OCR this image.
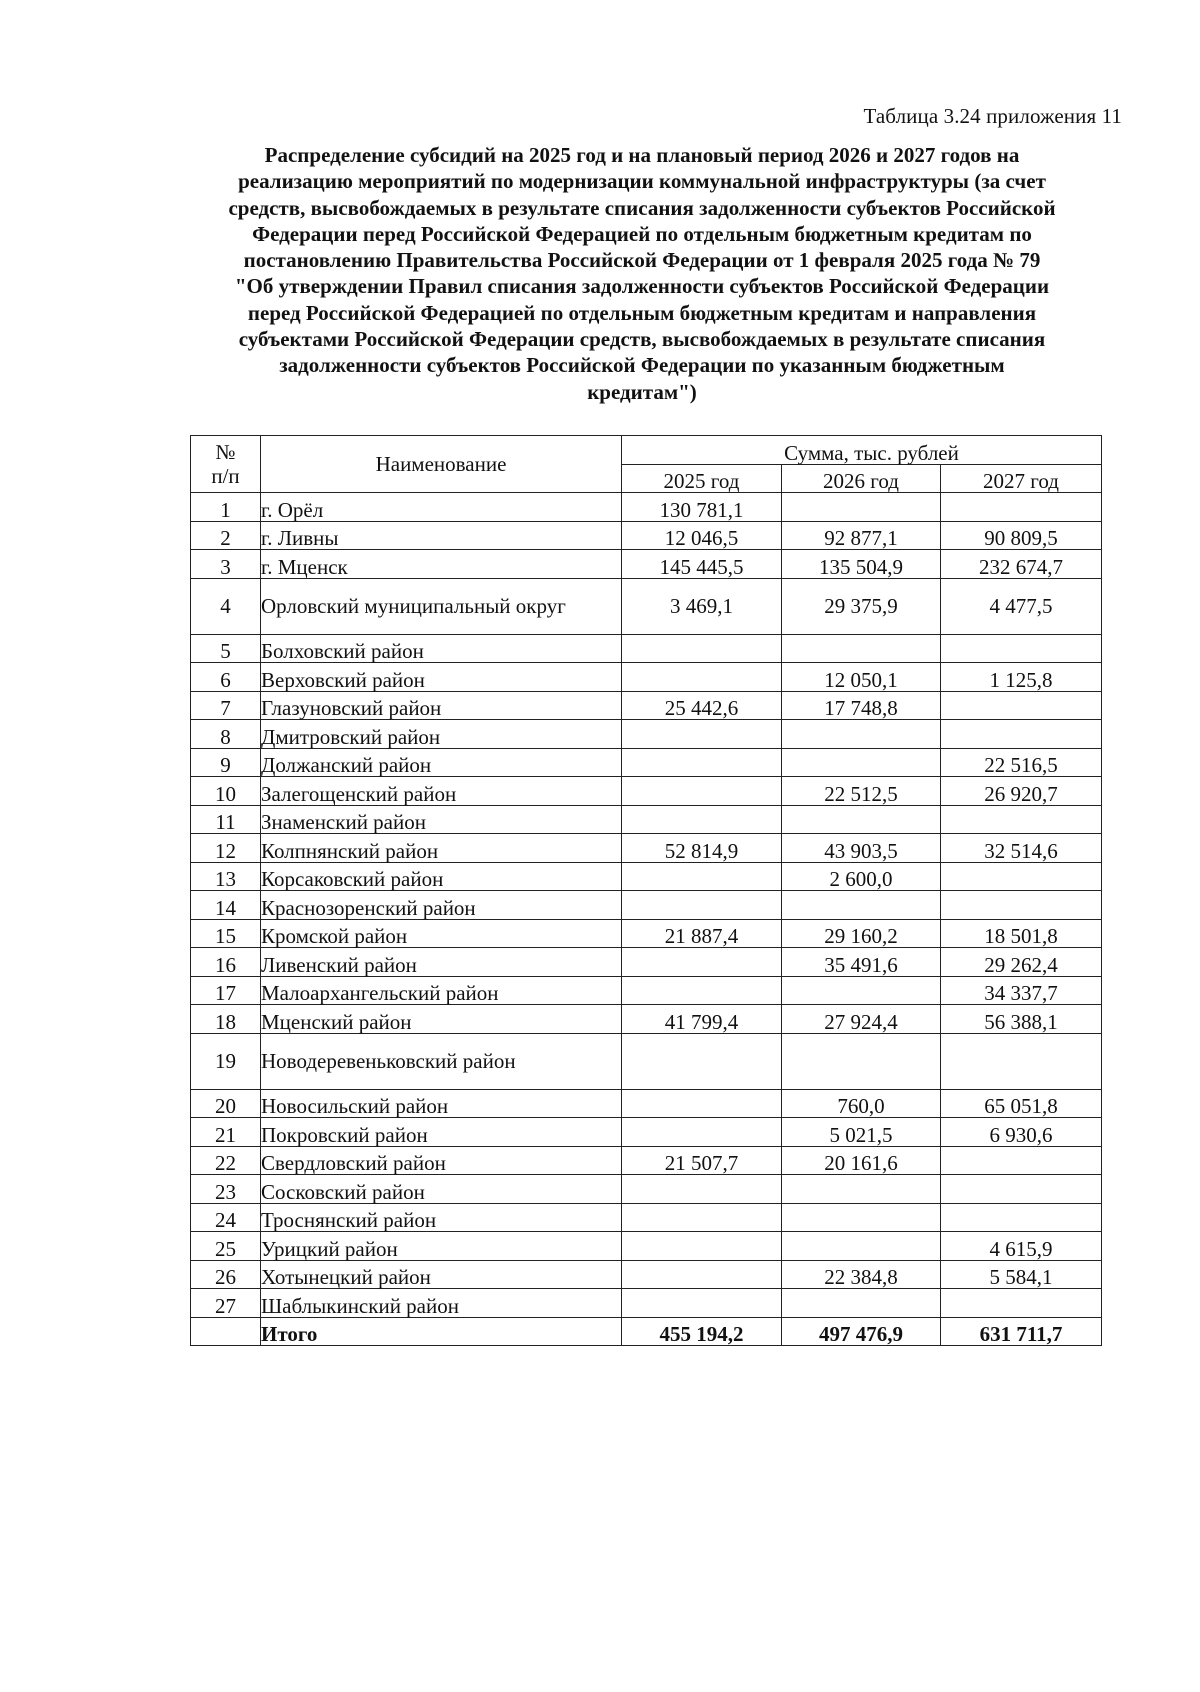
Таблица 3.24 приложения 11
Распределение субсидий на 2025 год и на плановый период 2026 и 2027 годов на
реализацию мероприятий по модернизации коммунальной инфраструктуры (за счет
средств, высвобождаемых в результате списания задолженности субъектов Российской
Федерации перед Российской Федерацией по отдельным бюджетным кредитам по
постановлению Правительства Российской Федерации от 1 февраля 2025 года № 79
"Об утверждении Правил списания задолженности субъектов Российской Федерации
перед Российской Федерацией по отдельным бюджетным кредитам и направления
субъектами Российской Федерации средств, высвобождаемых в результате списания
задолженности субъектов Российской Федерации по указанным бюджетным
кредитам")
№
п/п	Наименование	Сумма, тыс. рублей		
		2025 год	2026 год	2027 год
1	г. Орёл	130 781,1		
2	г. Ливны	12 046,5	92 877,1	90 809,5
3	г. Мценск	145 445,5	135 504,9	232 674,7
4	Орловский муниципальный округ	3 469,1	29 375,9	4 477,5
5	Болховский район			
6	Верховский район		12 050,1	1 125,8
7	Глазуновский район	25 442,6	17 748,8	
8	Дмитровский район			
9	Должанский район			22 516,5
10	Залегощенский район		22 512,5	26 920,7
11	Знаменский район			
12	Колпнянский район	52 814,9	43 903,5	32 514,6
13	Корсаковский район		2 600,0	
14	Краснозоренский район			
15	Кромской район	21 887,4	29 160,2	18 501,8
16	Ливенский район		35 491,6	29 262,4
17	Малоархангельский район			34 337,7
18	Мценский район	41 799,4	27 924,4	56 388,1
19	Новодеревеньковский район			
20	Новосильский район		760,0	65 051,8
21	Покровский район		5 021,5	6 930,6
22	Свердловский район	21 507,7	20 161,6	
23	Сосковский район			
24	Троснянский район			
25	Урицкий район			4 615,9
26	Хотынецкий район		22 384,8	5 584,1
27	Шаблыкинский район			
	Итого	455 194,2	497 476,9	631 711,7
